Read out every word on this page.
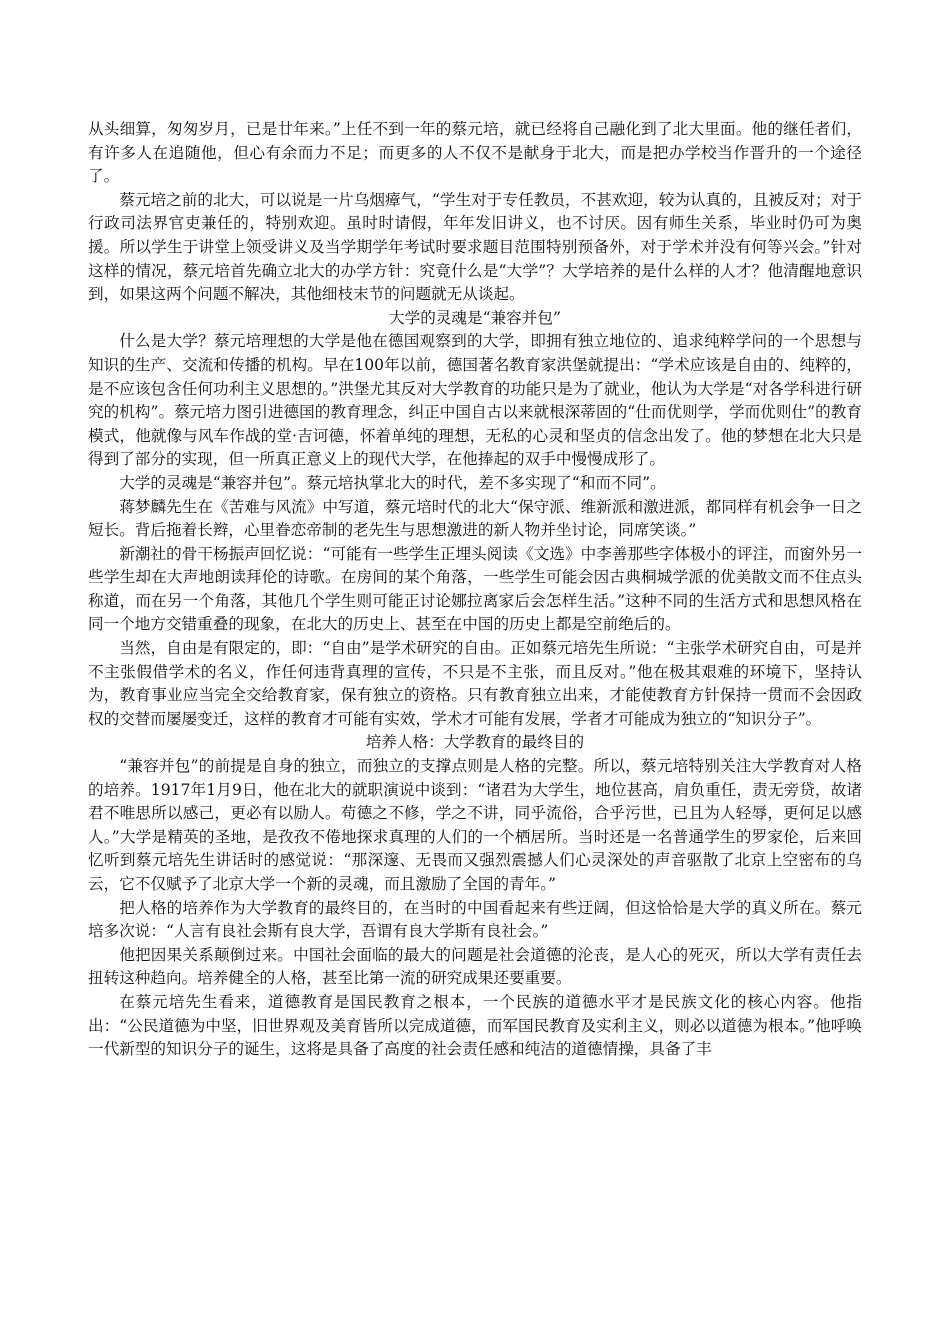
从头细算，匆匆岁月，已是廿年来。”上任不到一年的蔡元培，就已经将自己融化到了北大里面。他的继任者们，有许多人在追随他，但心有余而力不足；而更多的人不仅不是献身于北大，而是把办学校当作晋升的一个途径了。

蔡元培之前的北大，可以说是一片乌烟瘴气，“学生对于专任教员，不甚欢迎，较为认真的，且被反对；对于行政司法界官吏兼任的，特别欢迎。虽时时请假，年年发旧讲义，也不讨厌。因有师生关系，毕业时仍可为奥援。所以学生于讲堂上领受讲义及当学期学年考试时要求题目范围特别预备外，对于学术并没有何等兴会。”针对这样的情况，蔡元培首先确立北大的办学方针：究竟什么是“大学”？大学培养的是什么样的人才？他清醒地意识到，如果这两个问题不解决，其他细枝末节的问题就无从谈起。

大学的灵魂是“兼容并包”

什么是大学？蔡元培理想的大学是他在德国观察到的大学，即拥有独立地位的、追求纯粹学问的一个思想与知识的生产、交流和传播的机构。早在100年以前，德国著名教育家洪堡就提出：“学术应该是自由的、纯粹的，是不应该包含任何功利主义思想的。”洪堡尤其反对大学教育的功能只是为了就业，他认为大学是“对各学科进行研究的机构”。蔡元培力图引进德国的教育理念，纠正中国自古以来就根深蒂固的“仕而优则学，学而优则仕”的教育模式，他就像与风车作战的堂·吉诃德，怀着单纯的理想，无私的心灵和坚贞的信念出发了。他的梦想在北大只是得到了部分的实现，但一所真正意义上的现代大学，在他捧起的双手中慢慢成形了。

大学的灵魂是“兼容并包”。蔡元培执掌北大的时代，差不多实现了“和而不同”。

蒋梦麟先生在《苦难与风流》中写道，蔡元培时代的北大“保守派、维新派和激进派，都同样有机会争一日之短长。背后拖着长辫，心里眷恋帝制的老先生与思想激进的新人物并坐讨论，同席笑谈。”

新潮社的骨干杨振声回忆说：“可能有一些学生正埋头阅读《文选》中李善那些字体极小的评注，而窗外另一些学生却在大声地朗读拜伦的诗歌。在房间的某个角落，一些学生可能会因古典桐城学派的优美散文而不住点头称道，而在另一个角落，其他几个学生则可能正讨论娜拉离家后会怎样生活。”这种不同的生活方式和思想风格在同一个地方交错重叠的现象，在北大的历史上、甚至在中国的历史上都是空前绝后的。

当然，自由是有限定的，即：“自由”是学术研究的自由。正如蔡元培先生所说：“主张学术研究自由，可是并不主张假借学术的名义，作任何违背真理的宣传，不只是不主张，而且反对。”他在极其艰难的环境下，坚持认为，教育事业应当完全交给教育家，保有独立的资格。只有教育独立出来，才能使教育方针保持一贯而不会因政权的交替而屡屡变迁，这样的教育才可能有实效，学术才可能有发展，学者才可能成为独立的“知识分子”。

培养人格：大学教育的最终目的

“兼容并包”的前提是自身的独立，而独立的支撑点则是人格的完整。所以，蔡元培特别关注大学教育对人格的培养。1917年1月9日，他在北大的就职演说中谈到：“诸君为大学生，地位甚高，肩负重任，责无旁贷，故诸君不唯思所以感己，更必有以励人。苟德之不修，学之不讲，同乎流俗，合乎污世，已且为人轻辱，更何足以感人。”大学是精英的圣地，是孜孜不倦地探求真理的人们的一个栖居所。当时还是一名普通学生的罗家伦，后来回忆听到蔡元培先生讲话时的感觉说：“那深邃、无畏而又强烈震撼人们心灵深处的声音驱散了北京上空密布的乌云，它不仅赋予了北京大学一个新的灵魂，而且激励了全国的青年。”

把人格的培养作为大学教育的最终目的，在当时的中国看起来有些迂阔，但这恰恰是大学的真义所在。蔡元培多次说：“人言有良社会斯有良大学，吾谓有良大学斯有良社会。”

他把因果关系颠倒过来。中国社会面临的最大的问题是社会道德的沦丧，是人心的死灭，所以大学有责任去扭转这种趋向。培养健全的人格，甚至比第一流的研究成果还要重要。

在蔡元培先生看来，道德教育是国民教育之根本，一个民族的道德水平才是民族文化的核心内容。他指出：“公民道德为中坚，旧世界观及美育皆所以完成道德，而军国民教育及实利主义，则必以道德为根本。”他呼唤一代新型的知识分子的诞生，这将是具备了高度的社会责任感和纯洁的道德情操，具备了丰
